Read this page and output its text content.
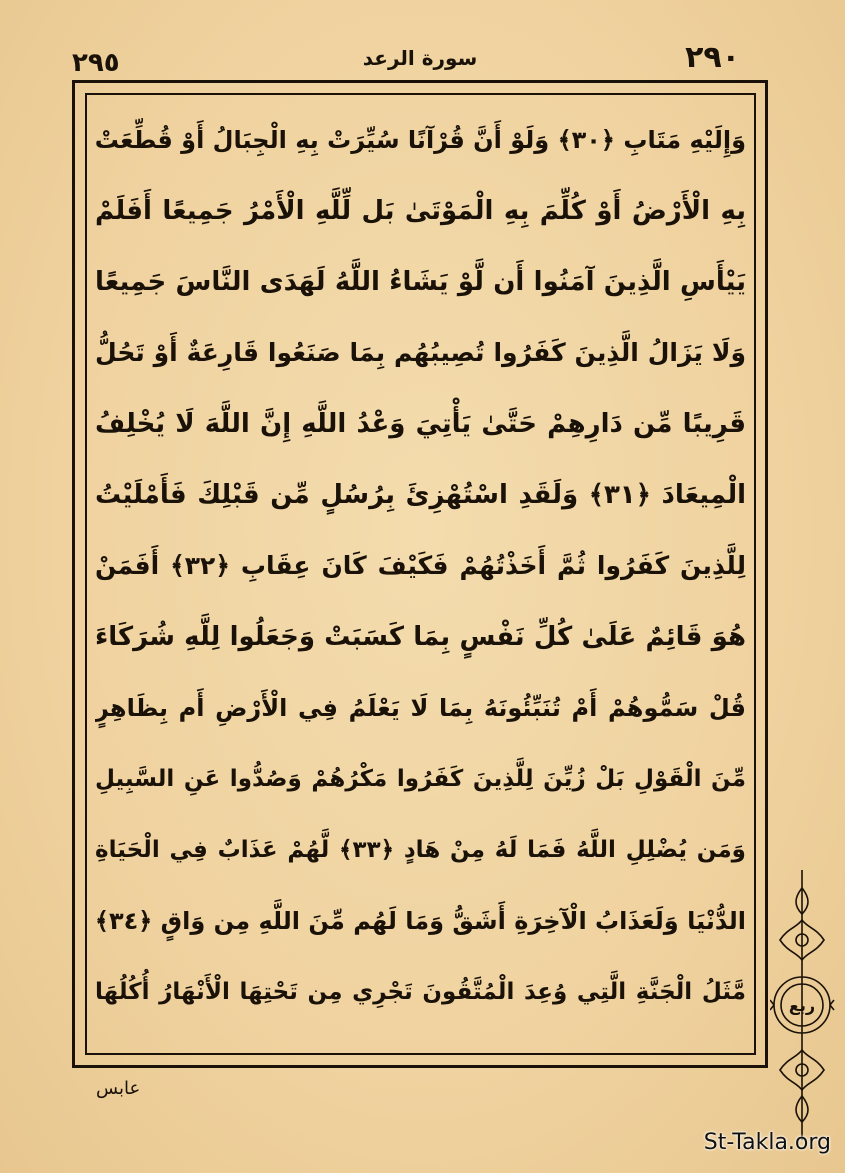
٢٩٥	سورة الرعد	٢٩٠
وَإِلَيْهِ مَتَابِ ﴿٣٠﴾ وَلَوْ أَنَّ قُرْآنًا سُيِّرَتْ بِهِ الْجِبَالُ أَوْ قُطِّعَتْ
بِهِ الْأَرْضُ أَوْ كُلِّمَ بِهِ الْمَوْتَىٰ بَل لِّلَّهِ الْأَمْرُ جَمِيعًا أَفَلَمْ
يَيْأَسِ الَّذِينَ آمَنُوا أَن لَّوْ يَشَاءُ اللَّهُ لَهَدَى النَّاسَ جَمِيعًا
وَلَا يَزَالُ الَّذِينَ كَفَرُوا تُصِيبُهُم بِمَا صَنَعُوا قَارِعَةٌ أَوْ تَحُلُّ
قَرِيبًا مِّن دَارِهِمْ حَتَّىٰ يَأْتِيَ وَعْدُ اللَّهِ إِنَّ اللَّهَ لَا يُخْلِفُ
الْمِيعَادَ ﴿٣١﴾ وَلَقَدِ اسْتُهْزِئَ بِرُسُلٍ مِّن قَبْلِكَ فَأَمْلَيْتُ
لِلَّذِينَ كَفَرُوا ثُمَّ أَخَذْتُهُمْ فَكَيْفَ كَانَ عِقَابِ ﴿٣٢﴾ أَفَمَنْ
هُوَ قَائِمٌ عَلَىٰ كُلِّ نَفْسٍ بِمَا كَسَبَتْ وَجَعَلُوا لِلَّهِ شُرَكَاءَ
قُلْ سَمُّوهُمْ أَمْ تُنَبِّئُونَهُ بِمَا لَا يَعْلَمُ فِي الْأَرْضِ أَم بِظَاهِرٍ
مِّنَ الْقَوْلِ بَلْ زُيِّنَ لِلَّذِينَ كَفَرُوا مَكْرُهُمْ وَصُدُّوا عَنِ السَّبِيلِ
وَمَن يُضْلِلِ اللَّهُ فَمَا لَهُ مِنْ هَادٍ ﴿٣٣﴾ لَّهُمْ عَذَابٌ فِي الْحَيَاةِ
الدُّنْيَا وَلَعَذَابُ الْآخِرَةِ أَشَقُّ وَمَا لَهُم مِّنَ اللَّهِ مِن وَاقٍ ﴿٣٤﴾
مَّثَلُ الْجَنَّةِ الَّتِي وُعِدَ الْمُتَّقُونَ تَجْرِي مِن تَحْتِهَا الْأَنْهَارُ أُكُلُهَا
ربع
عابس
St-Takla.org
